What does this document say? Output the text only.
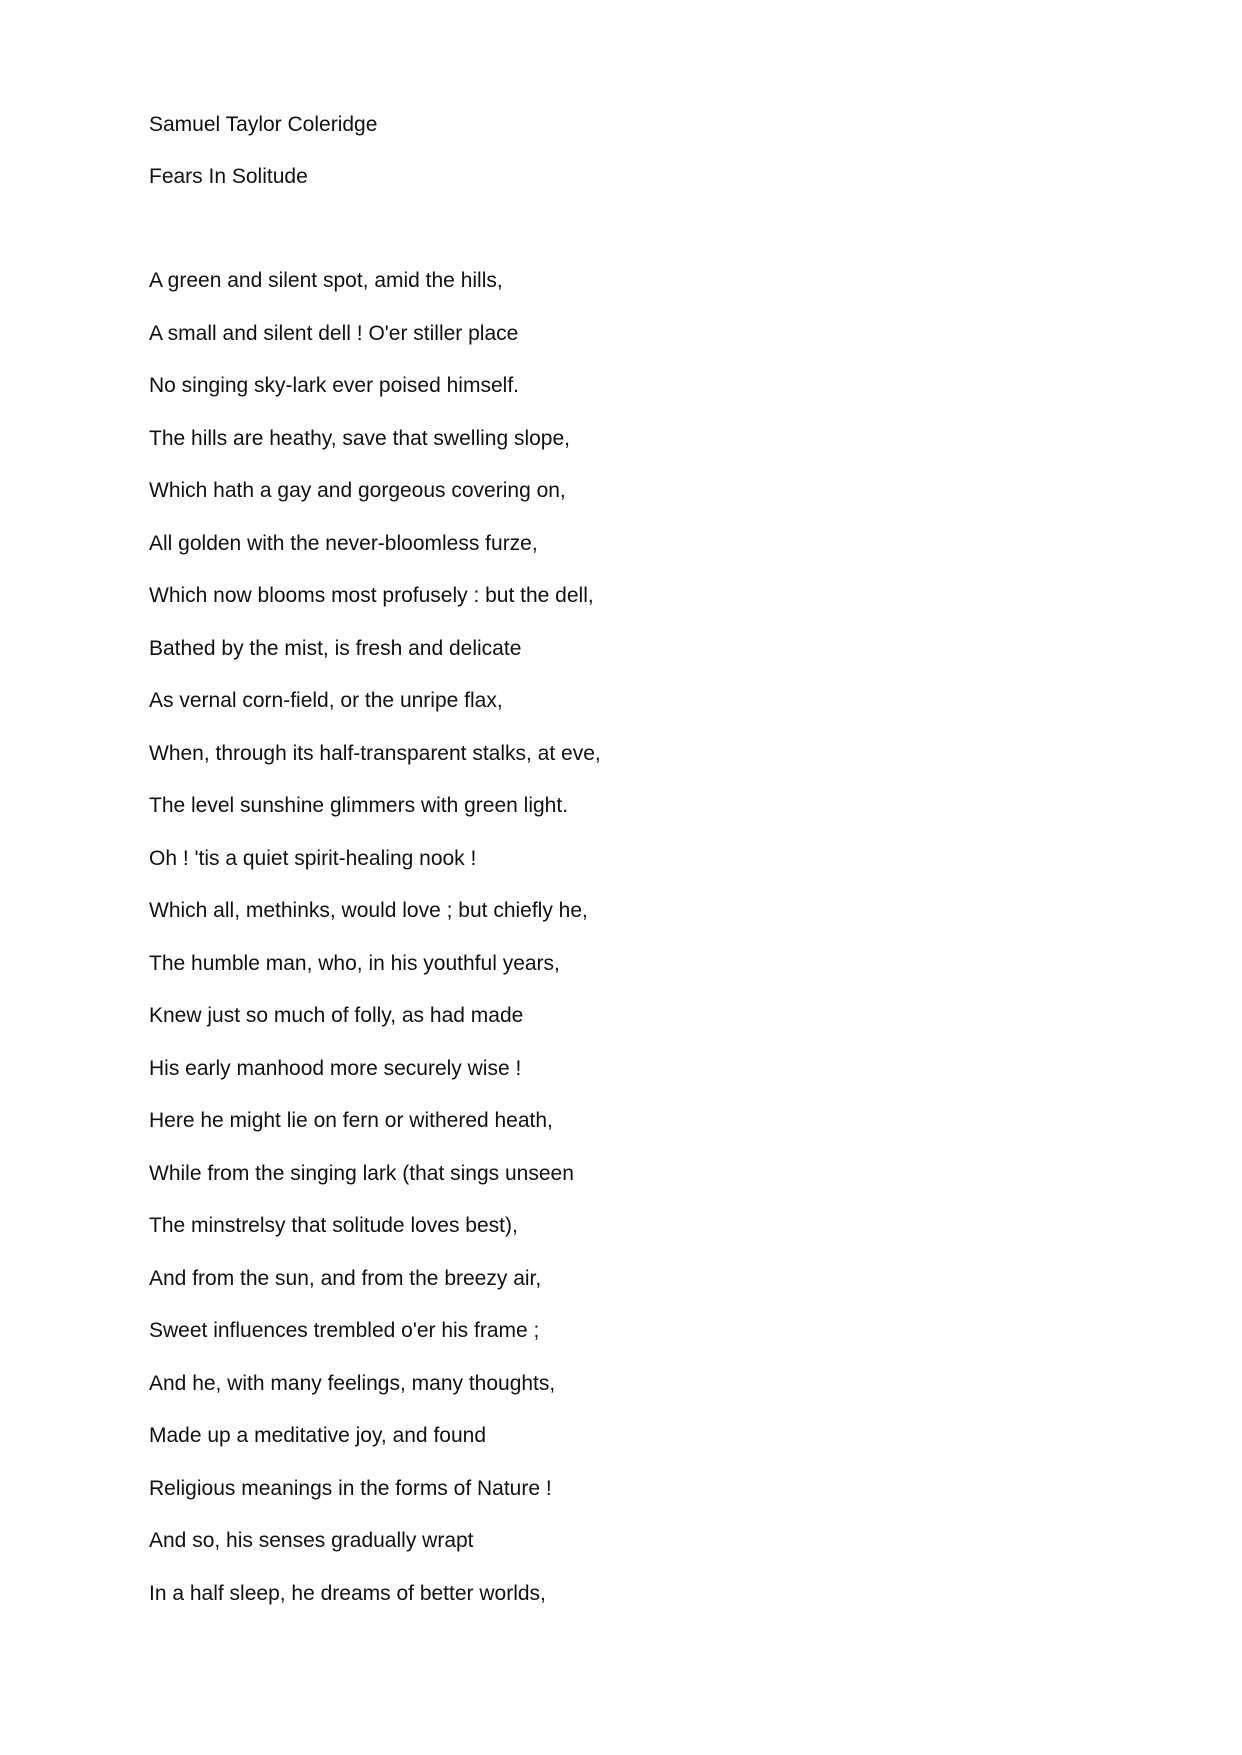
Samuel Taylor Coleridge
Fears In Solitude
A green and silent spot, amid the hills,
A small and silent dell ! O'er stiller place
No singing sky-lark ever poised himself.
The hills are heathy, save that swelling slope,
Which hath a gay and gorgeous covering on,
All golden with the never-bloomless furze,
Which now blooms most profusely : but the dell,
Bathed by the mist, is fresh and delicate
As vernal corn-field, or the unripe flax,
When, through its half-transparent stalks, at eve,
The level sunshine glimmers with green light.
Oh ! 'tis a quiet spirit-healing nook !
Which all, methinks, would love ; but chiefly he,
The humble man, who, in his youthful years,
Knew just so much of folly, as had made
His early manhood more securely wise !
Here he might lie on fern or withered heath,
While from the singing lark (that sings unseen
The minstrelsy that solitude loves best),
And from the sun, and from the breezy air,
Sweet influences trembled o'er his frame ;
And he, with many feelings, many thoughts,
Made up a meditative joy, and found
Religious meanings in the forms of Nature !
And so, his senses gradually wrapt
In a half sleep, he dreams of better worlds,
